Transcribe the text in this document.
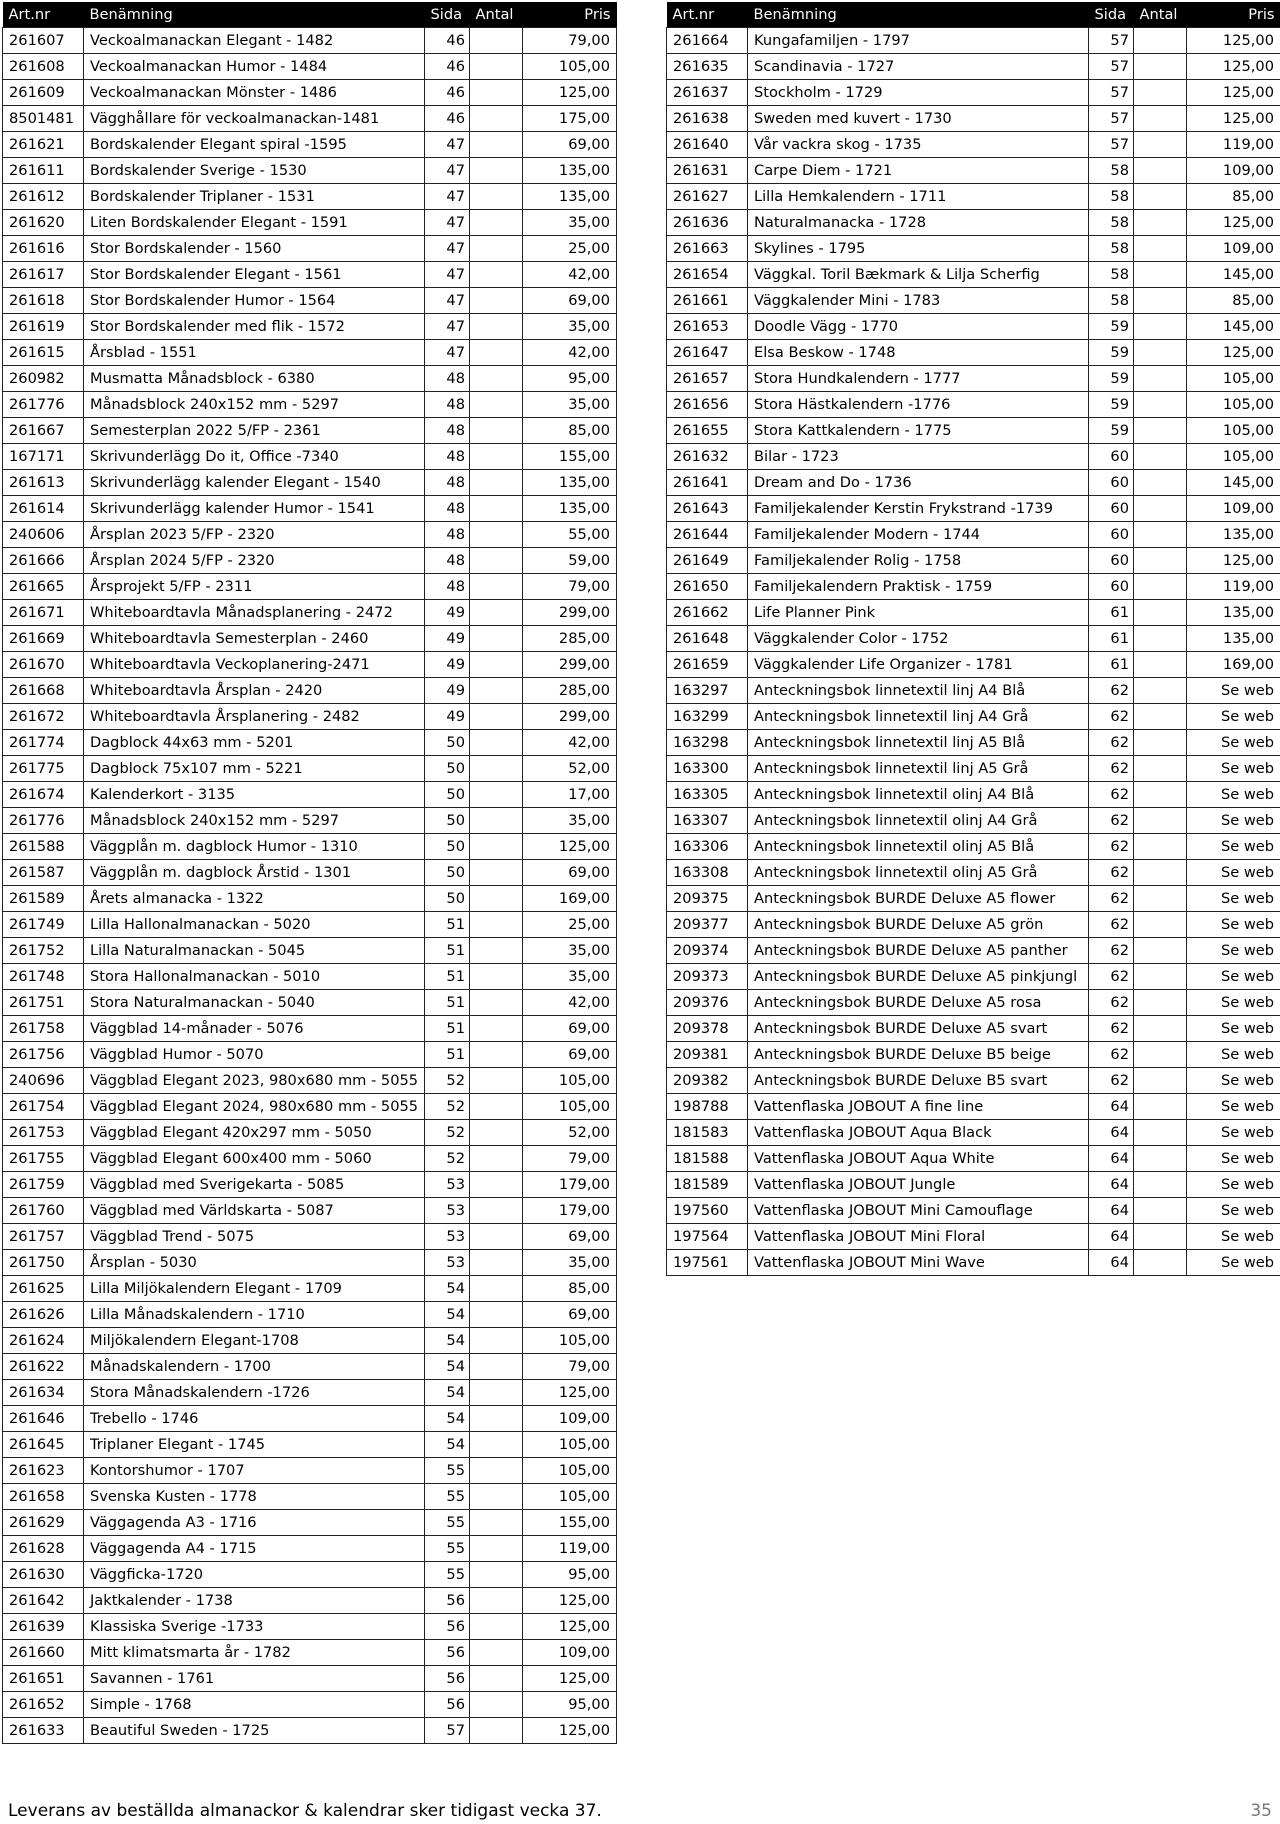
Art.nr	Benämning	Sida	Antal	Pris
261607	Veckoalmanackan Elegant - 1482	46		79,00
261608	Veckoalmanackan Humor - 1484	46		105,00
261609	Veckoalmanackan Mönster - 1486	46		125,00
8501481	Vägghållare för veckoalmanackan-1481	46		175,00
261621	Bordskalender Elegant spiral -1595	47		69,00
261611	Bordskalender Sverige - 1530	47		135,00
261612	Bordskalender Triplaner - 1531	47		135,00
261620	Liten Bordskalender Elegant - 1591	47		35,00
261616	Stor Bordskalender - 1560	47		25,00
261617	Stor Bordskalender Elegant - 1561	47		42,00
261618	Stor Bordskalender Humor - 1564	47		69,00
261619	Stor Bordskalender med flik - 1572	47		35,00
261615	Årsblad - 1551	47		42,00
260982	Musmatta Månadsblock - 6380	48		95,00
261776	Månadsblock 240x152 mm - 5297	48		35,00
261667	Semesterplan 2022 5/FP - 2361	48		85,00
167171	Skrivunderlägg Do it, Office -7340	48		155,00
261613	Skrivunderlägg kalender Elegant - 1540	48		135,00
261614	Skrivunderlägg kalender Humor - 1541	48		135,00
240606	Årsplan 2023 5/FP - 2320	48		55,00
261666	Årsplan 2024 5/FP - 2320	48		59,00
261665	Årsprojekt 5/FP - 2311	48		79,00
261671	Whiteboardtavla Månadsplanering - 2472	49		299,00
261669	Whiteboardtavla Semesterplan - 2460	49		285,00
261670	Whiteboardtavla Veckoplanering-2471	49		299,00
261668	Whiteboardtavla Årsplan - 2420	49		285,00
261672	Whiteboardtavla Årsplanering - 2482	49		299,00
261774	Dagblock 44x63 mm - 5201	50		42,00
261775	Dagblock 75x107 mm - 5221	50		52,00
261674	Kalenderkort - 3135	50		17,00
261776	Månadsblock 240x152 mm - 5297	50		35,00
261588	Väggplån m. dagblock Humor - 1310	50		125,00
261587	Väggplån m. dagblock Årstid - 1301	50		69,00
261589	Årets almanacka - 1322	50		169,00
261749	Lilla Hallonalmanackan - 5020	51		25,00
261752	Lilla Naturalmanackan - 5045	51		35,00
261748	Stora Hallonalmanackan - 5010	51		35,00
261751	Stora Naturalmanackan - 5040	51		42,00
261758	Väggblad 14-månader - 5076	51		69,00
261756	Väggblad Humor - 5070	51		69,00
240696	Väggblad Elegant 2023, 980x680 mm - 5055	52		105,00
261754	Väggblad Elegant 2024, 980x680 mm - 5055	52		105,00
261753	Väggblad Elegant 420x297 mm - 5050	52		52,00
261755	Väggblad Elegant 600x400 mm - 5060	52		79,00
261759	Väggblad med Sverigekarta - 5085	53		179,00
261760	Väggblad med Världskarta - 5087	53		179,00
261757	Väggblad Trend - 5075	53		69,00
261750	Årsplan - 5030	53		35,00
261625	Lilla Miljökalendern Elegant - 1709	54		85,00
261626	Lilla Månadskalendern - 1710	54		69,00
261624	Miljökalendern Elegant-1708	54		105,00
261622	Månadskalendern - 1700	54		79,00
261634	Stora Månadskalendern -1726	54		125,00
261646	Trebello - 1746	54		109,00
261645	Triplaner Elegant - 1745	54		105,00
261623	Kontorshumor - 1707	55		105,00
261658	Svenska Kusten - 1778	55		105,00
261629	Väggagenda A3 - 1716	55		155,00
261628	Väggagenda A4 - 1715	55		119,00
261630	Väggficka-1720	55		95,00
261642	Jaktkalender - 1738	56		125,00
261639	Klassiska Sverige -1733	56		125,00
261660	Mitt klimatsmarta år - 1782	56		109,00
261651	Savannen - 1761	56		125,00
261652	Simple - 1768	56		95,00
261633	Beautiful Sweden - 1725	57		125,00
Art.nr	Benämning	Sida	Antal	Pris
261664	Kungafamiljen - 1797	57		125,00
261635	Scandinavia - 1727	57		125,00
261637	Stockholm - 1729	57		125,00
261638	Sweden med kuvert - 1730	57		125,00
261640	Vår vackra skog - 1735	57		119,00
261631	Carpe Diem - 1721	58		109,00
261627	Lilla Hemkalendern - 1711	58		85,00
261636	Naturalmanacka - 1728	58		125,00
261663	Skylines - 1795	58		109,00
261654	Väggkal. Toril Bækmark & Lilja Scherfig	58		145,00
261661	Väggkalender Mini - 1783	58		85,00
261653	Doodle Vägg - 1770	59		145,00
261647	Elsa Beskow - 1748	59		125,00
261657	Stora Hundkalendern - 1777	59		105,00
261656	Stora Hästkalendern -1776	59		105,00
261655	Stora Kattkalendern - 1775	59		105,00
261632	Bilar - 1723	60		105,00
261641	Dream and Do - 1736	60		145,00
261643	Familjekalender Kerstin Frykstrand -1739	60		109,00
261644	Familjekalender Modern - 1744	60		135,00
261649	Familjekalender Rolig - 1758	60		125,00
261650	Familjekalendern Praktisk - 1759	60		119,00
261662	Life Planner Pink	61		135,00
261648	Väggkalender Color - 1752	61		135,00
261659	Väggkalender Life Organizer - 1781	61		169,00
163297	Anteckningsbok linnetextil linj A4 Blå	62		Se web
163299	Anteckningsbok linnetextil linj A4 Grå	62		Se web
163298	Anteckningsbok linnetextil linj A5 Blå	62		Se web
163300	Anteckningsbok linnetextil linj A5 Grå	62		Se web
163305	Anteckningsbok linnetextil olinj A4 Blå	62		Se web
163307	Anteckningsbok linnetextil olinj A4 Grå	62		Se web
163306	Anteckningsbok linnetextil olinj A5 Blå	62		Se web
163308	Anteckningsbok linnetextil olinj A5 Grå	62		Se web
209375	Anteckningsbok BURDE Deluxe A5 flower	62		Se web
209377	Anteckningsbok BURDE Deluxe A5 grön	62		Se web
209374	Anteckningsbok BURDE Deluxe A5 panther	62		Se web
209373	Anteckningsbok BURDE Deluxe A5 pinkjungl	62		Se web
209376	Anteckningsbok BURDE Deluxe A5 rosa	62		Se web
209378	Anteckningsbok BURDE Deluxe A5 svart	62		Se web
209381	Anteckningsbok BURDE Deluxe B5 beige	62		Se web
209382	Anteckningsbok BURDE Deluxe B5 svart	62		Se web
198788	Vattenflaska JOBOUT A fine line	64		Se web
181583	Vattenflaska JOBOUT Aqua Black	64		Se web
181588	Vattenflaska JOBOUT Aqua White	64		Se web
181589	Vattenflaska JOBOUT Jungle	64		Se web
197560	Vattenflaska JOBOUT Mini Camouflage	64		Se web
197564	Vattenflaska JOBOUT Mini Floral	64		Se web
197561	Vattenflaska JOBOUT Mini Wave	64		Se web
Leverans av beställda almanackor & kalendrar sker tidigast vecka 37.	35
